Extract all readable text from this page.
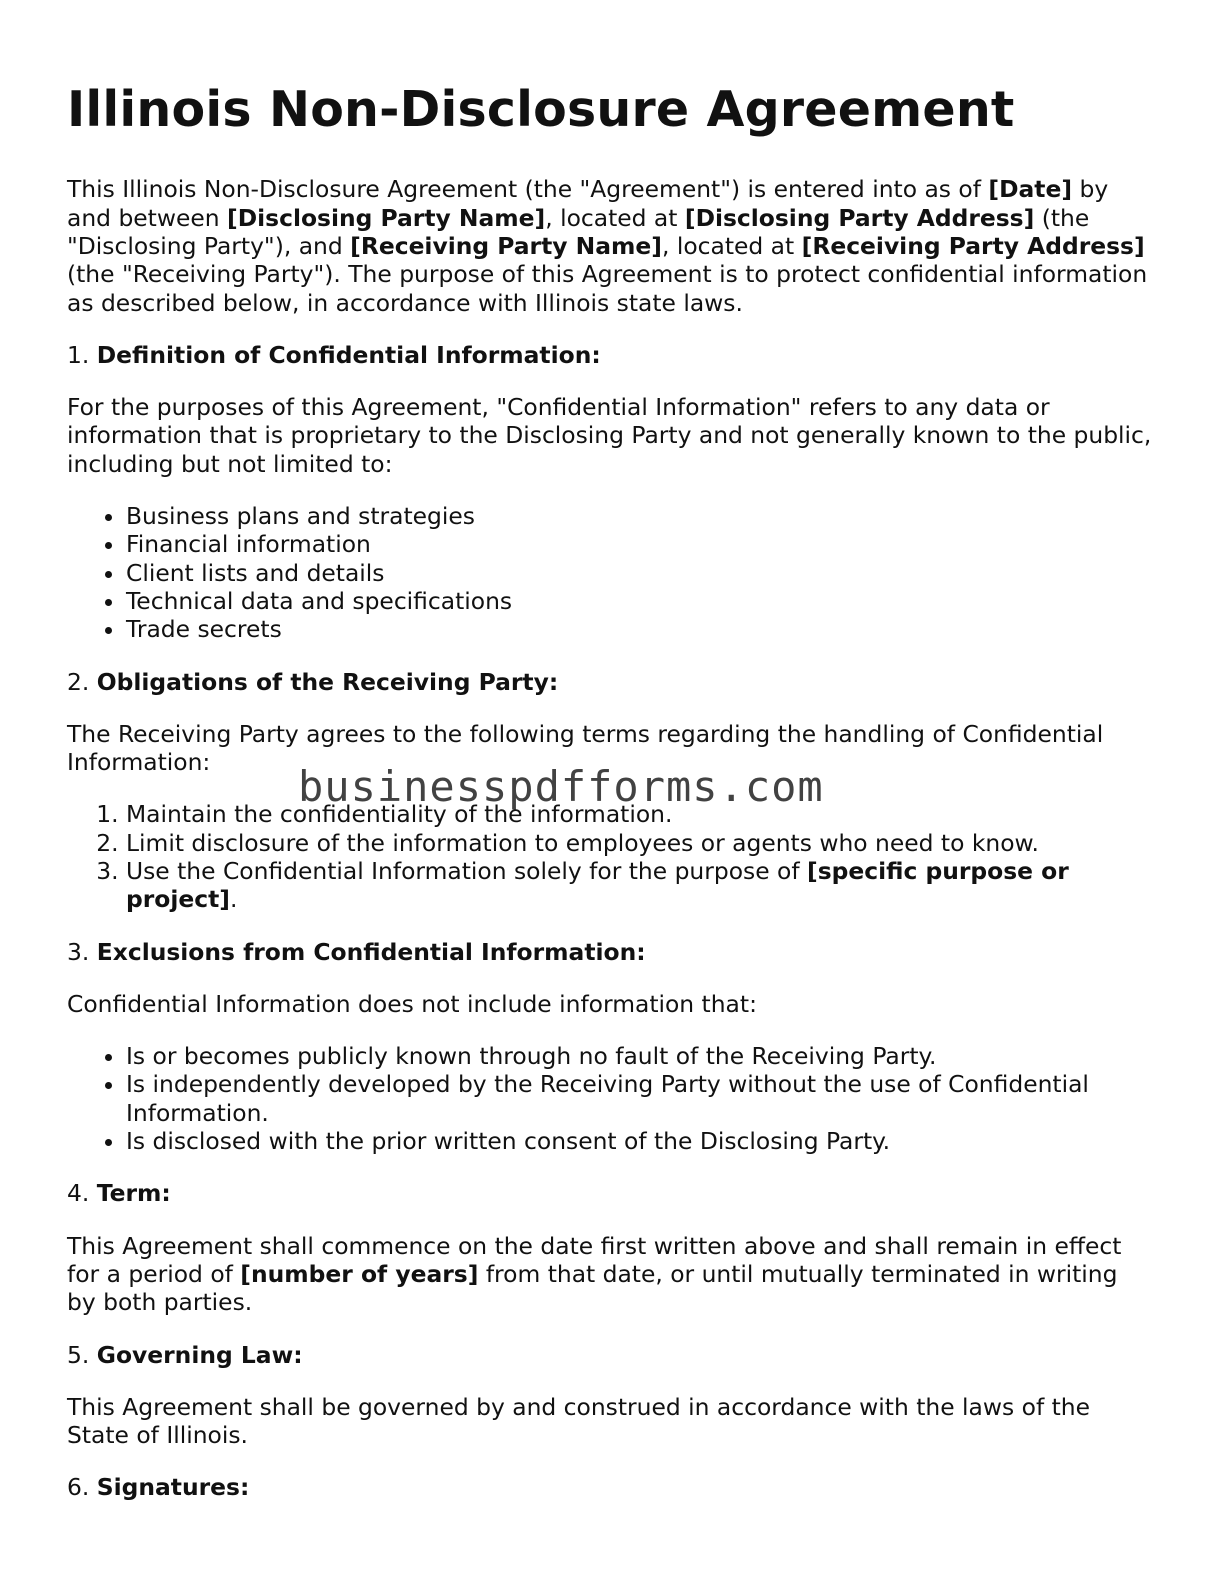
Illinois Non-Disclosure Agreement

This Illinois Non-Disclosure Agreement (the "Agreement") is entered into as of [Date] by and between [Disclosing Party Name], located at [Disclosing Party Address] (the "Disclosing Party"), and [Receiving Party Name], located at [Receiving Party Address] (the "Receiving Party"). The purpose of this Agreement is to protect confidential information as described below, in accordance with Illinois state laws.

1. Definition of Confidential Information:

For the purposes of this Agreement, "Confidential Information" refers to any data or information that is proprietary to the Disclosing Party and not generally known to the public, including but not limited to:

• Business plans and strategies
• Financial information
• Client lists and details
• Technical data and specifications
• Trade secrets

2. Obligations of the Receiving Party:

The Receiving Party agrees to the following terms regarding the handling of Confidential Information:

1. Maintain the confidentiality of the information.
2. Limit disclosure of the information to employees or agents who need to know.
3. Use the Confidential Information solely for the purpose of [specific purpose or project].

3. Exclusions from Confidential Information:

Confidential Information does not include information that:

• Is or becomes publicly known through no fault of the Receiving Party.
• Is independently developed by the Receiving Party without the use of Confidential Information.
• Is disclosed with the prior written consent of the Disclosing Party.

4. Term:

This Agreement shall commence on the date first written above and shall remain in effect for a period of [number of years] from that date, or until mutually terminated in writing by both parties.

5. Governing Law:

This Agreement shall be governed by and construed in accordance with the laws of the State of Illinois.

6. Signatures:

businesspdfforms.com
